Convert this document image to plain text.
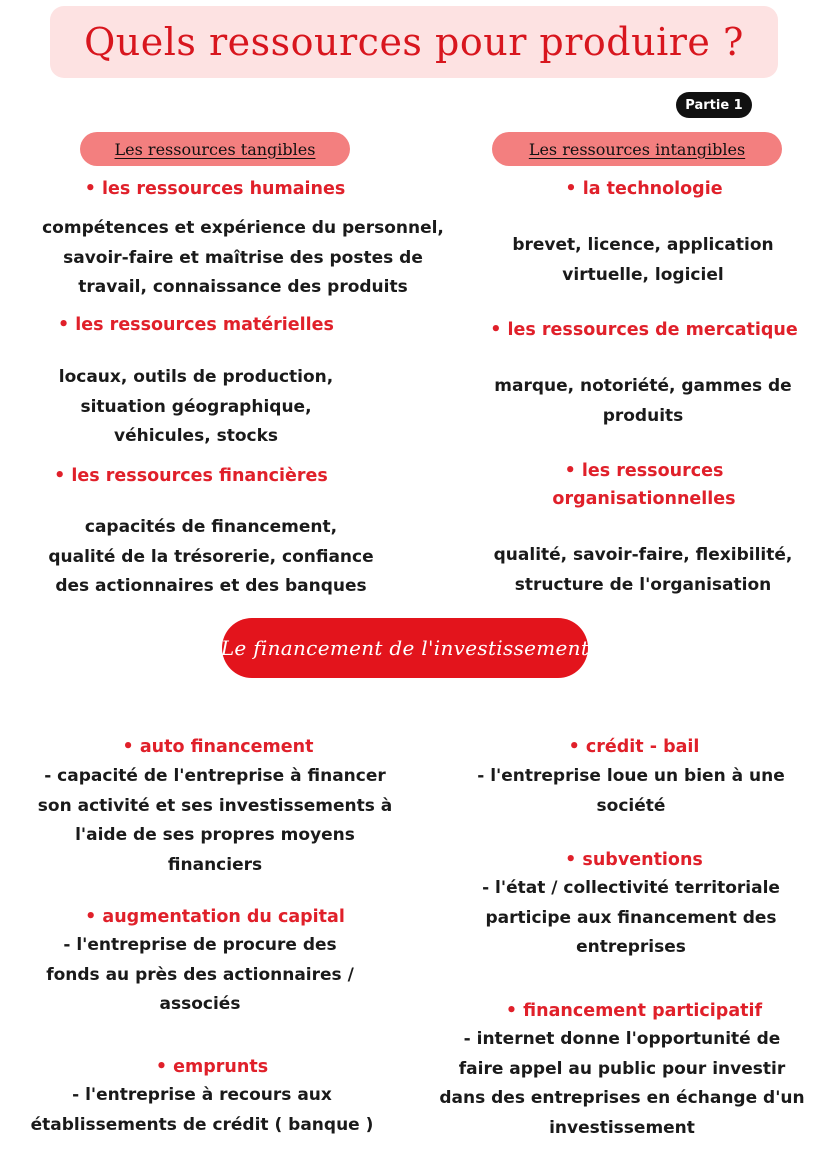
Quels ressources pour produire ?
Partie 1
Les ressources tangibles	Les ressources intangibles
• les ressources humaines
compétences et expérience du personnel,
savoir-faire et maîtrise des postes de
travail, connaissance des produits
• les ressources matérielles
locaux, outils de production,
situation géographique,
véhicules, stocks
• les ressources financières
capacités de financement,
qualité de la trésorerie, confiance
des actionnaires et des banques
• la technologie
brevet, licence, application
virtuelle, logiciel
• les ressources de mercatique
marque, notoriété, gammes de
produits
• les ressources
organisationnelles
qualité, savoir-faire, flexibilité,
structure de l'organisation
Le financement de l'investissement
• auto financement
- capacité de l'entreprise à financer
son activité et ses investissements à
l'aide de ses propres moyens
financiers
• augmentation du capital
- l'entreprise de procure des
fonds au près des actionnaires /
associés
• emprunts
- l'entreprise à recours aux
établissements de crédit ( banque )
• crédit - bail
- l'entreprise loue un bien à une
société
• subventions
- l'état / collectivité territoriale
participe aux financement des
entreprises
• financement participatif
- internet donne l'opportunité de
faire appel au public pour investir
dans des entreprises en échange d'un
investissement
